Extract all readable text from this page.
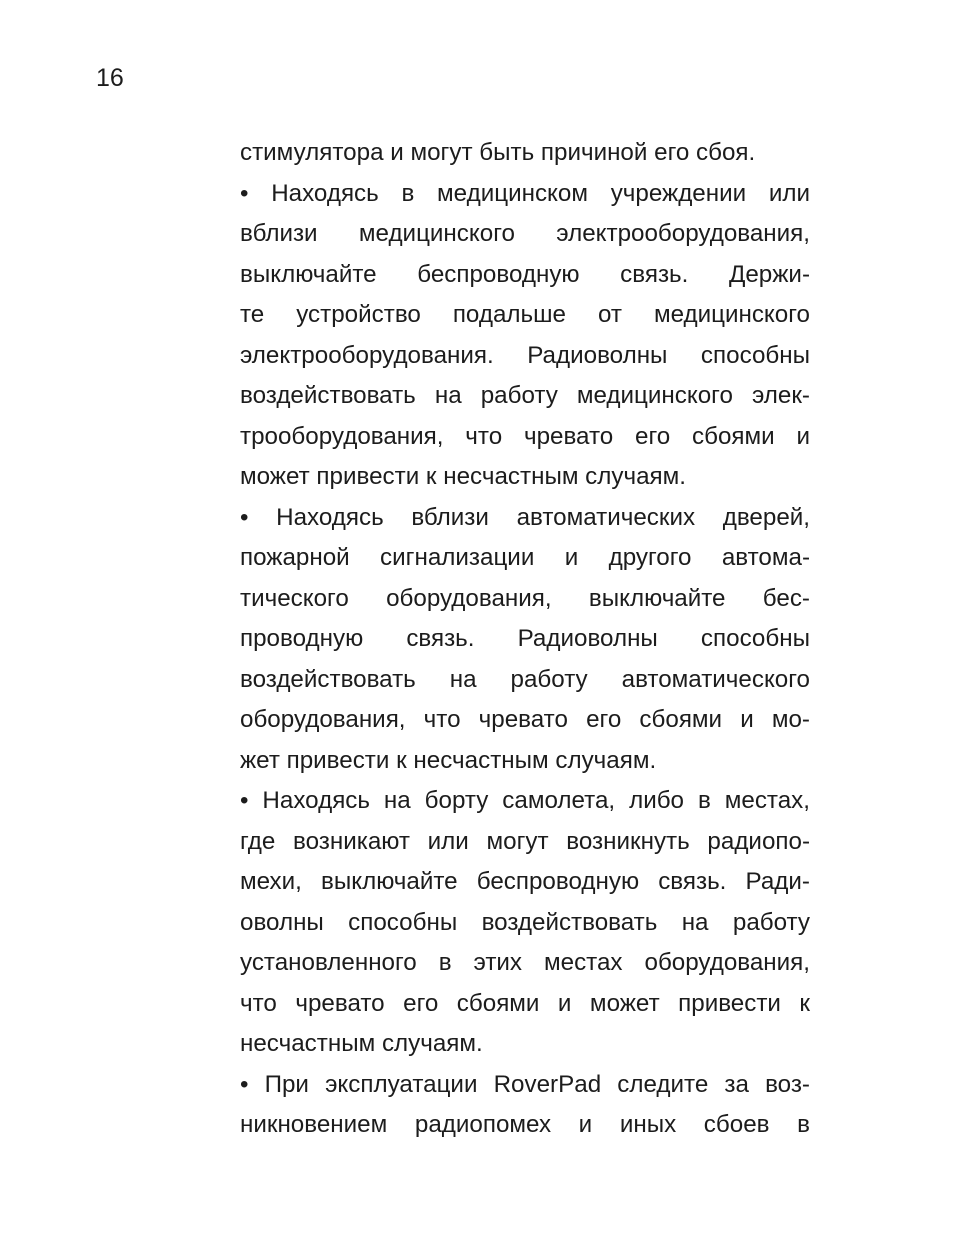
16
стимулятора и могут быть причиной его сбоя.
• Находясь в медицинском учреждении или
вблизи медицинского электрооборудования,
выключайте беспроводную связь. Держи-
те устройство подальше от медицинского
электрооборудования. Радиоволны способны
воздействовать на работу медицинского элек-
трооборудования, что чревато его сбоями и
может привести к несчастным случаям.
• Находясь вблизи автоматических дверей,
пожарной сигнализации и другого автома-
тического оборудования, выключайте бес-
проводную связь. Радиоволны способны
воздействовать на работу автоматического
оборудования, что чревато его сбоями и мо-
жет привести к несчастным случаям.
• Находясь на борту самолета, либо в местах,
где возникают или могут возникнуть радиопо-
мехи, выключайте беспроводную связь. Ради-
оволны способны воздействовать на работу
установленного в этих местах оборудования,
что чревато его сбоями и может привести к
несчастным случаям.
• При эксплуатации RoverPad следите за воз-
никновением радиопомех и иных сбоев в
